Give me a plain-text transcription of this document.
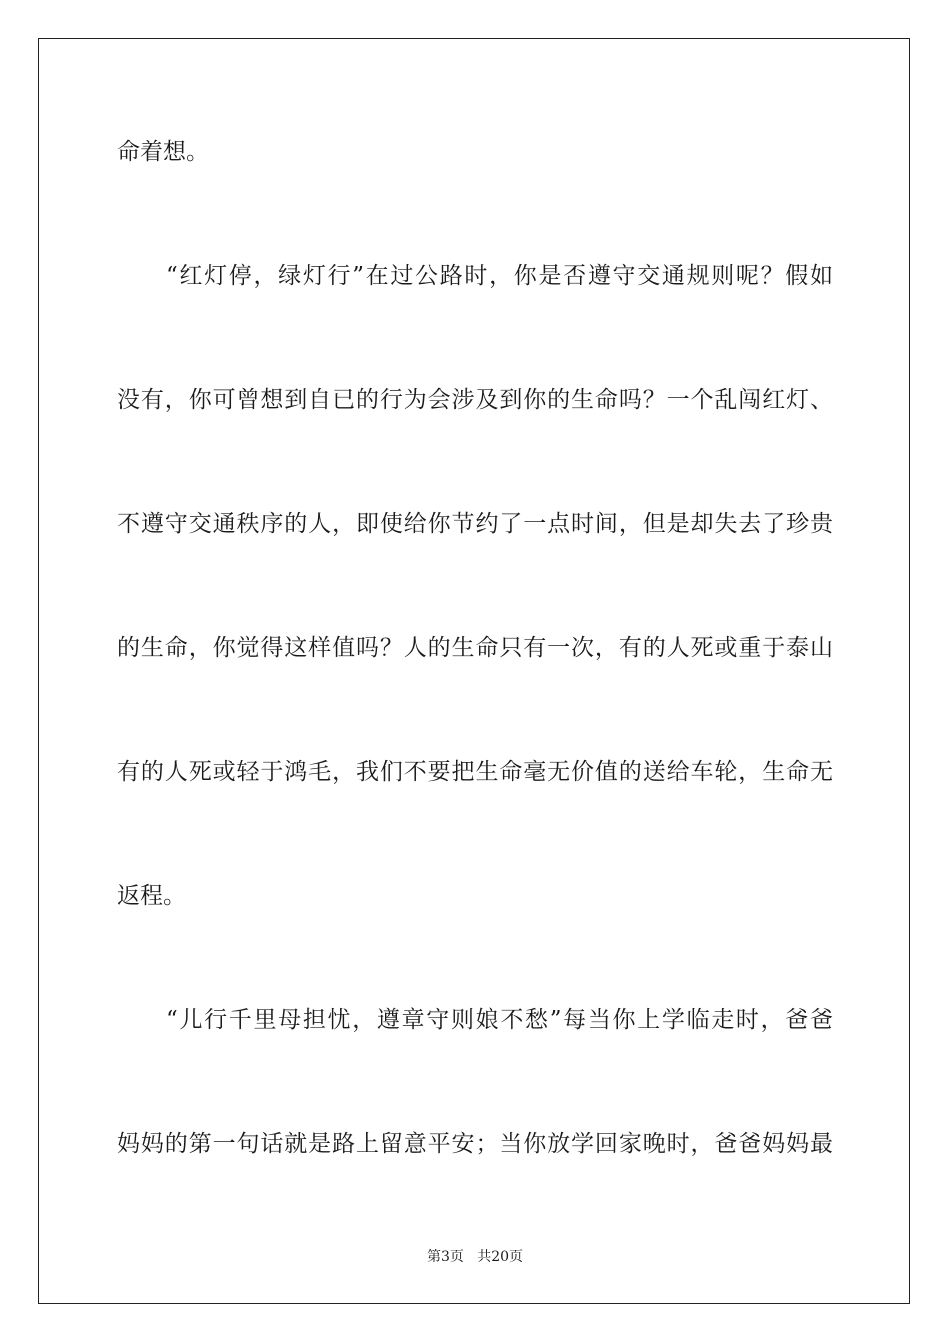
命着想。
“红灯停，绿灯行”在过公路时，你是否遵守交通规则呢？假如
没有，你可曾想到自已的行为会涉及到你的生命吗？一个乱闯红灯、
不遵守交通秩序的人，即使给你节约了一点时间，但是却失去了珍贵
的生命，你觉得这样值吗？人的生命只有一次，有的人死或重于泰山
有的人死或轻于鸿毛，我们不要把生命毫无价值的送给车轮，生命无
返程。
“儿行千里母担忧，遵章守则娘不愁”每当你上学临走时，爸爸
妈妈的第一句话就是路上留意平安；当你放学回家晚时，爸爸妈妈最
第3页   共20页
